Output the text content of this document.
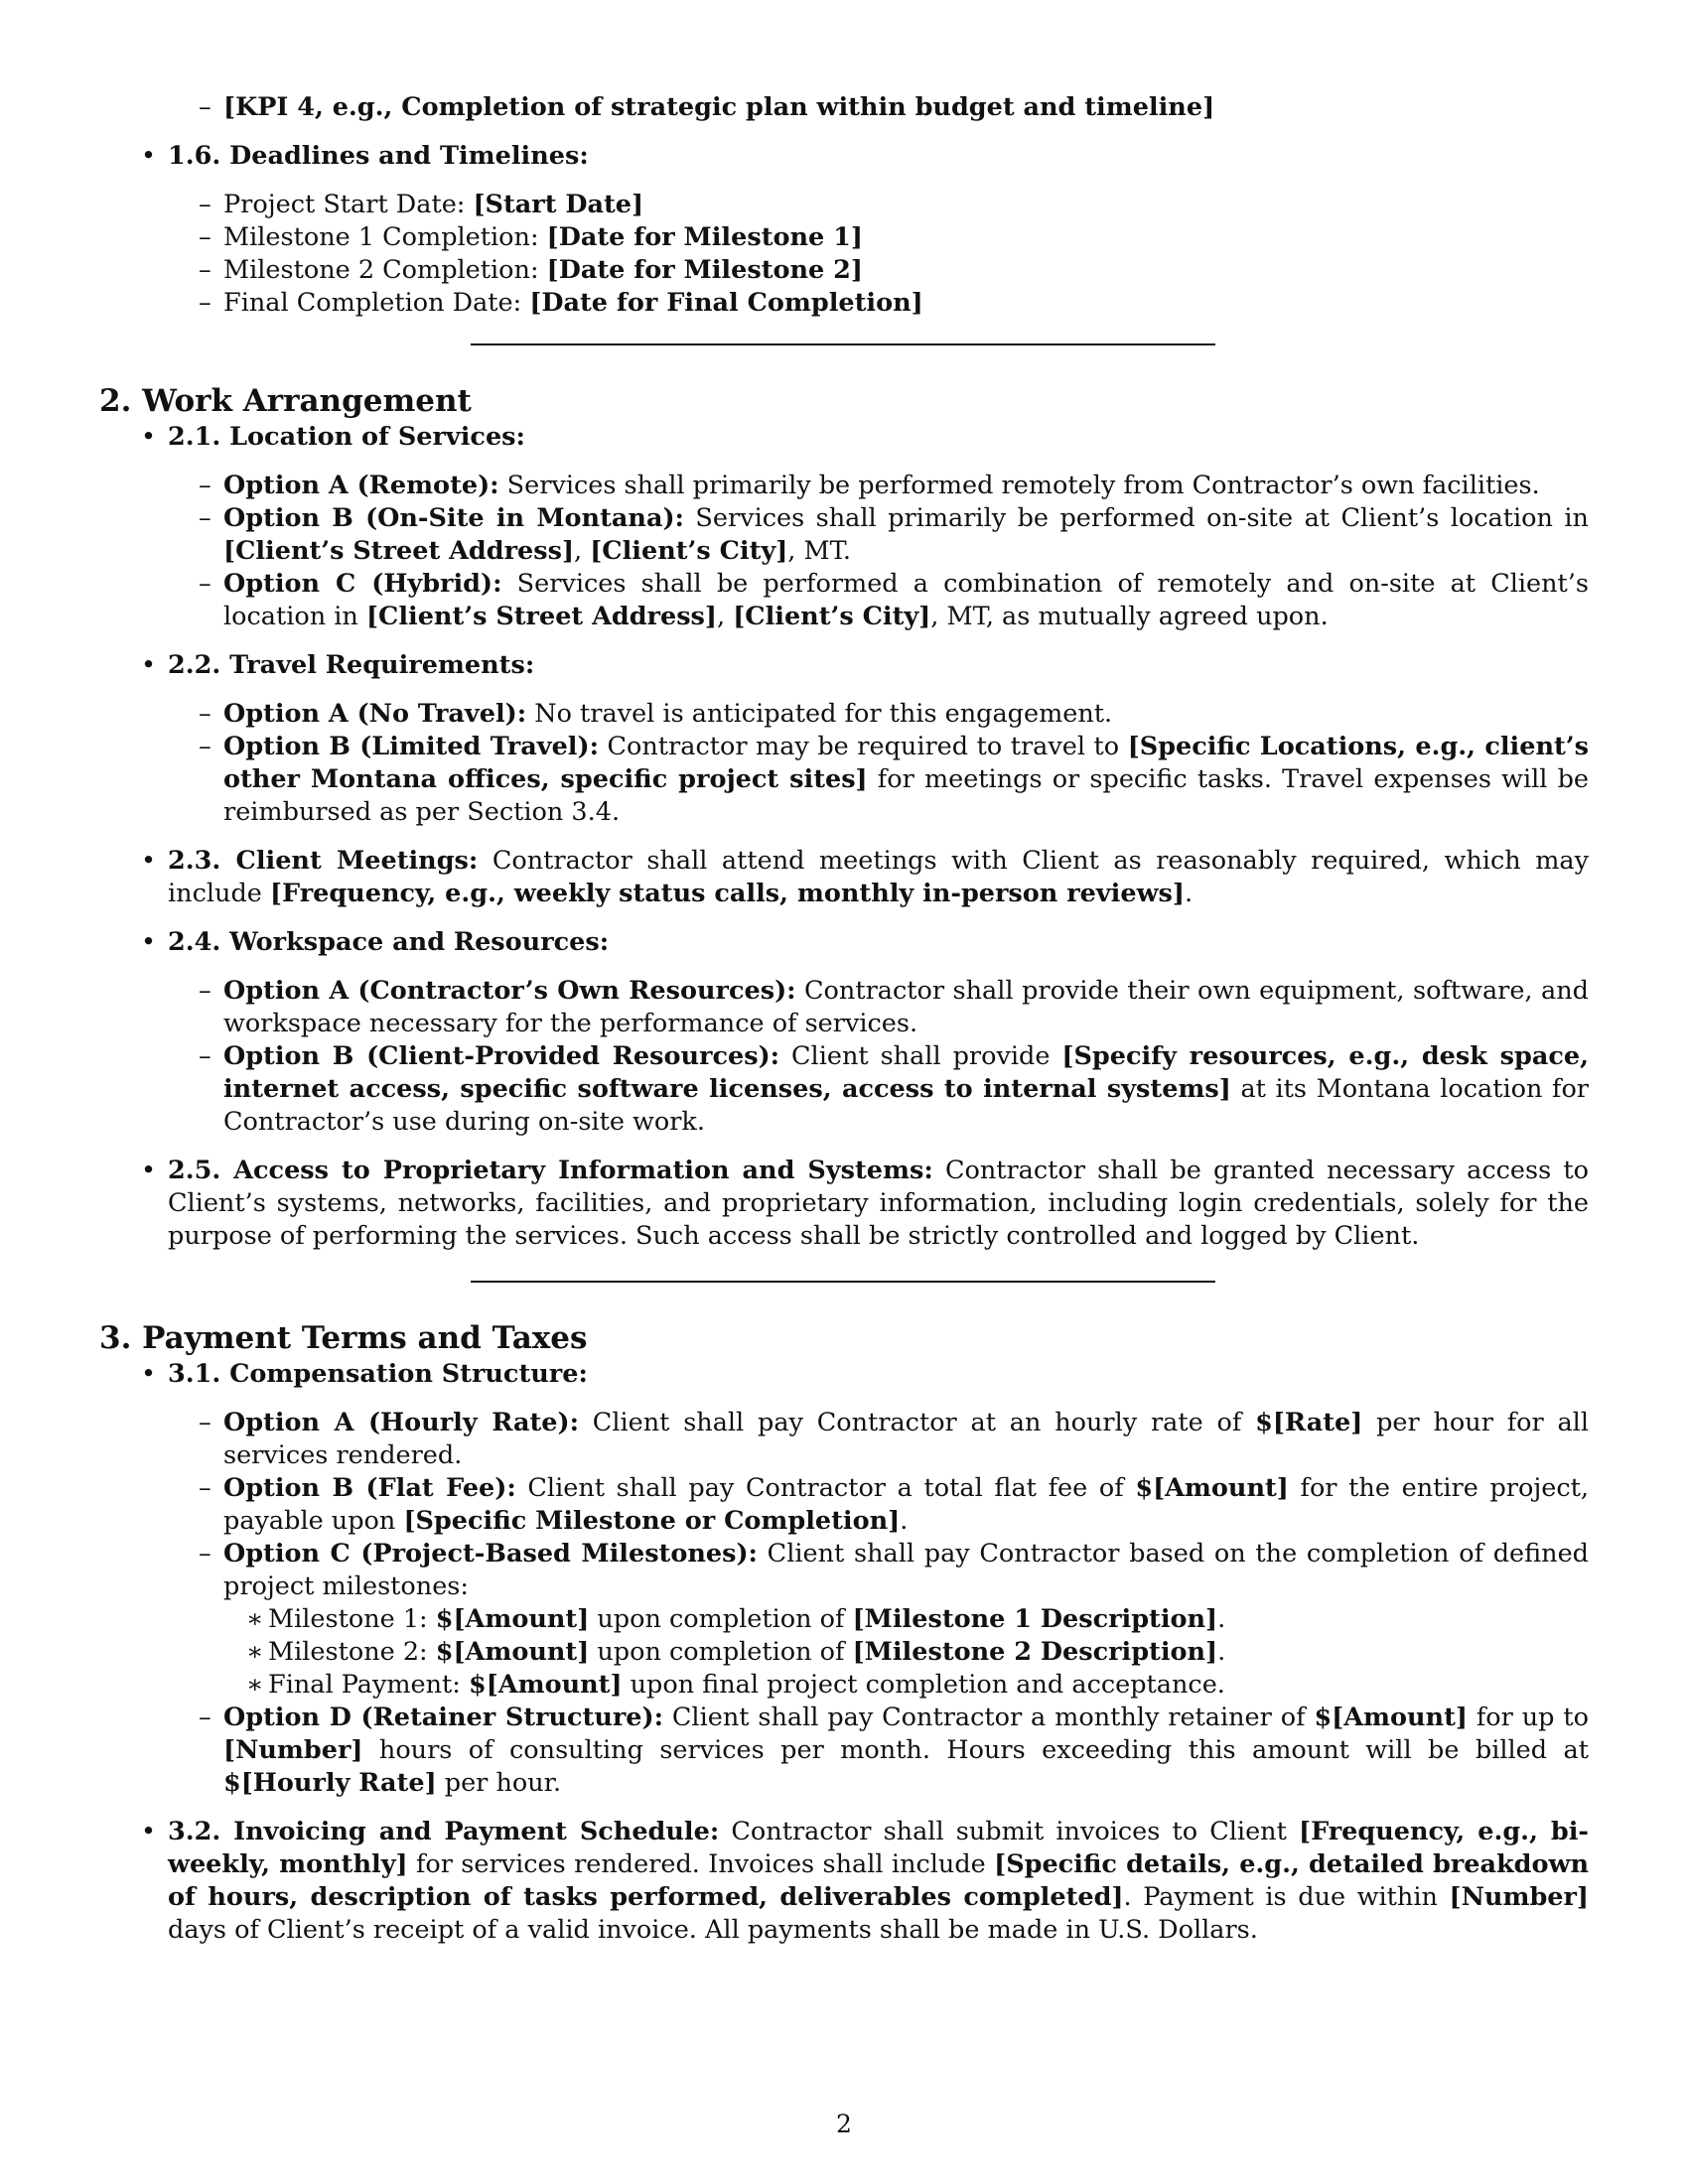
– [KPI 4, e.g., Completion of strategic plan within budget and timeline]
• 1.6. Deadlines and Timelines:
– Project Start Date: [Start Date]
– Milestone 1 Completion: [Date for Milestone 1]
– Milestone 2 Completion: [Date for Milestone 2]
– Final Completion Date: [Date for Final Completion]
2. Work Arrangement
• 2.1. Location of Services:
– Option A (Remote): Services shall primarily be performed remotely from Contractor’s own facilities.
– Option B (On-Site in Montana): Services shall primarily be performed on-site at Client’s location in [Client’s Street Address], [Client’s City], MT.
– Option C (Hybrid): Services shall be performed a combination of remotely and on-site at Client’s location in [Client’s Street Address], [Client’s City], MT, as mutually agreed upon.
• 2.2. Travel Requirements:
– Option A (No Travel): No travel is anticipated for this engagement.
– Option B (Limited Travel): Contractor may be required to travel to [Specific Locations, e.g., client’s other Montana offices, specific project sites] for meetings or specific tasks. Travel expenses will be reimbursed as per Section 3.4.
• 2.3. Client Meetings: Contractor shall attend meetings with Client as reasonably required, which may include [Frequency, e.g., weekly status calls, monthly in-person reviews].
• 2.4. Workspace and Resources:
– Option A (Contractor’s Own Resources): Contractor shall provide their own equipment, software, and workspace necessary for the performance of services.
– Option B (Client-Provided Resources): Client shall provide [Specify resources, e.g., desk space, internet access, specific software licenses, access to internal systems] at its Montana location for Contractor’s use during on-site work.
• 2.5. Access to Proprietary Information and Systems: Contractor shall be granted necessary access to Client’s systems, networks, facilities, and proprietary information, including login credentials, solely for the purpose of performing the services. Such access shall be strictly controlled and logged by Client.
3. Payment Terms and Taxes
• 3.1. Compensation Structure:
– Option A (Hourly Rate): Client shall pay Contractor at an hourly rate of $[Rate] per hour for all services rendered.
– Option B (Flat Fee): Client shall pay Contractor a total flat fee of $[Amount] for the entire project, payable upon [Specific Milestone or Completion].
– Option C (Project-Based Milestones): Client shall pay Contractor based on the completion of defined project milestones:
∗ Milestone 1: $[Amount] upon completion of [Milestone 1 Description].
∗ Milestone 2: $[Amount] upon completion of [Milestone 2 Description].
∗ Final Payment: $[Amount] upon final project completion and acceptance.
– Option D (Retainer Structure): Client shall pay Contractor a monthly retainer of $[Amount] for up to [Number] hours of consulting services per month. Hours exceeding this amount will be billed at $[Hourly Rate] per hour.
• 3.2. Invoicing and Payment Schedule: Contractor shall submit invoices to Client [Frequency, e.g., bi-weekly, monthly] for services rendered. Invoices shall include [Specific details, e.g., detailed breakdown of hours, description of tasks performed, deliverables completed]. Payment is due within [Number] days of Client’s receipt of a valid invoice. All payments shall be made in U.S. Dollars.
2
